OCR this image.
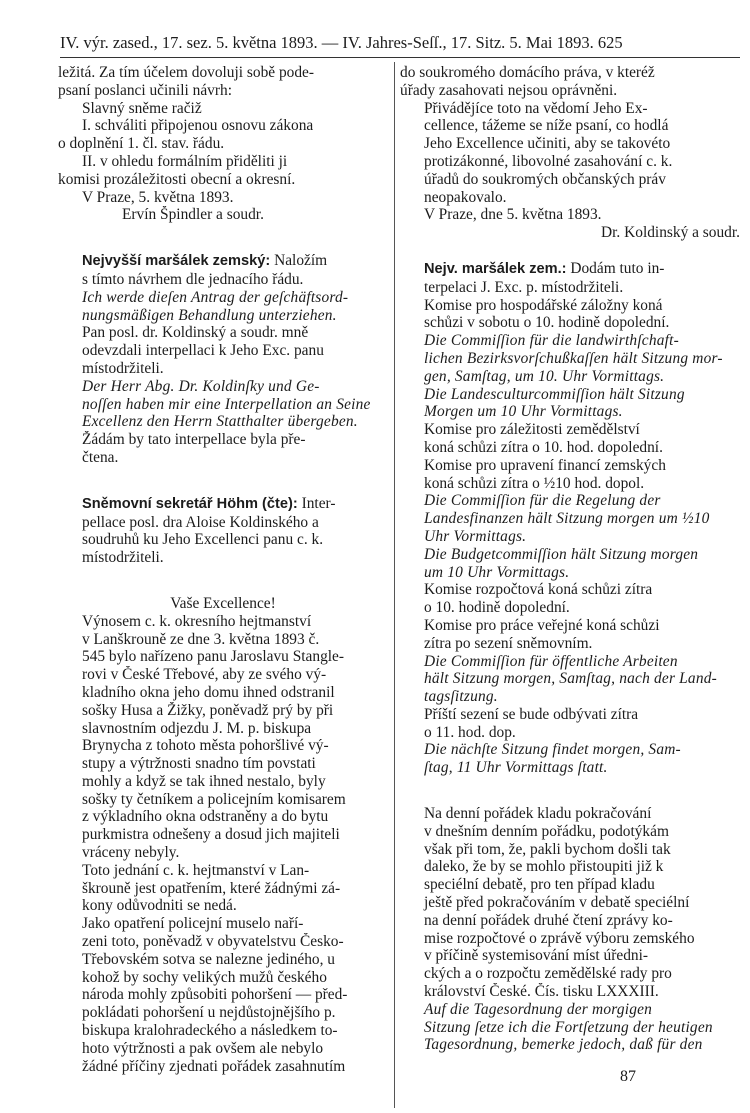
IV. výr. zased., 17. sez. 5. května 1893. — IV. Jahres-Seſſ., 17. Sitz. 5. Mai 1893. 625

ležitá. Za tím účelem dovoluji sobě pode-
psaní poslanci učinili návrh:

Slavný sněme račiž

I. schváliti připojenou osnovu zákona
o doplnění 1. čl. stav. řádu.

II. v ohledu formálním přiděliti ji
komisi prozáležitosti obecní a okresní.

V Praze, 5. května 1893.

Ervín Špindler a soudr.

Nejvyšší maršálek zemský: Naložím
s tímto návrhem dle jednacího řádu.

Ich werde dieſen Antrag der geſchäftsord-
nungsmäßigen Behandlung unterziehen.

Pan posl. dr. Koldinský a soudr. mně
odevzdali interpellaci k Jeho Exc. panu
místodržiteli.

Der Herr Abg. Dr. Koldinſky und Ge-
noſſen haben mir eine Interpellation an Seine
Excellenz den Herrn Statthalter übergeben.

Žádám by tato interpellace byla pře-
čtena.

Sněmovní sekretář Höhm (čte): Inter-
pellace posl. dra Aloise Koldinského a
soudruhů ku Jeho Excellenci panu c. k.
místodržiteli.

Vaše Excellence!

Výnosem c. k. okresního hejtmanství
v Lanškrouně ze dne 3. května 1893 č.
545 bylo nařízeno panu Jaroslavu Stangle-
rovi v České Třebové, aby ze svého vý-
kladního okna jeho domu ihned odstranil
sošky Husa a Žižky, poněvadž prý by při
slavnostním odjezdu J. M. p. biskupa
Brynycha z tohoto města pohoršlivé vý-
stupy a výtržnosti snadno tím povstati
mohly a když se tak ihned nestalo, byly
sošky ty četníkem a policejním komisarem
z výkladního okna odstraněny a do bytu
purkmistra odnešeny a dosud jich majiteli
vráceny nebyly.

Toto jednání c. k. hejtmanství v Lan-
škrouně jest opatřením, které žádnými zá-
kony odůvodniti se nedá.

Jako opatření policejní muselo naří-
zeni toto, poněvadž v obyvatelstvu Česko-
Třebovském sotva se nalezne jediného, u
kohož by sochy velikých mužů českého
národa mohly způsobiti pohoršení — před-
pokládati pohoršení u nejdůstojnějšího p.
biskupa kralohradeckého a následkem to-
hoto výtržnosti a pak ovšem ale nebylo
žádné příčiny zjednati pořádek zasahnutím

do soukromého domácího práva, v kteréž
úřady zasahovati nejsou oprávněni.

Přivádějíce toto na vědomí Jeho Ex-
cellence, tážeme se níže psaní, co hodlá
Jeho Excellence učiniti, aby se takovéto
protizákonné, libovolné zasahování c. k.
úřadů do soukromých občanských práv
neopakovalo.

V Praze, dne 5. května 1893.

Dr. Koldinský a soudr.

Nejv. maršálek zem.: Dodám tuto in-
terpelaci J. Exc. p. místodržiteli.

Komise pro hospodářské záložny koná
schůzi v sobotu o 10. hodině dopolední.

Die Commiſſion für die landwirthſchaft-
lichen Bezirksvorſchußkaſſen hält Sitzung mor-
gen, Samſtag, um 10. Uhr Vormittags.

Die Landesculturcommiſſion hält Sitzung
Morgen um 10 Uhr Vormittags.

Komise pro záležitosti zemědělství
koná schůzi zítra o 10. hod. dopolední.

Komise pro upravení financí zemských
koná schůzi zítra o ½10 hod. dopol.

Die Commiſſion für die Regelung der
Landesfinanzen hält Sitzung morgen um ½10
Uhr Vormittags.

Die Budgetcommiſſion hält Sitzung morgen
um 10 Uhr Vormittags.

Komise rozpočtová koná schůzi zítra
o 10. hodině dopolední.

Komise pro práce veřejné koná schůzi
zítra po sezení sněmovním.

Die Commiſſion für öffentliche Arbeiten
hält Sitzung morgen, Samſtag, nach der Land-
tagsſitzung.

Příští sezení se bude odbývati zítra
o 11. hod. dop.

Die nächſte Sitzung findet morgen, Sam-
ſtag, 11 Uhr Vormittags ſtatt.

Na denní pořádek kladu pokračování
v dnešním denním pořádku, podotýkám
však při tom, že, pakli bychom došli tak
daleko, že by se mohlo přistoupiti již k
speciélní debatě, pro ten případ kladu
ještě před pokračováním v debatě speciélní
na denní pořádek druhé čtení zprávy ko-
mise rozpočtové o zprávě výboru zemského
v příčině systemisování míst úředni-
ckých a o rozpočtu zemědělské rady pro
království České. Čís. tisku LXXXIII.

Auf die Tagesordnung der morgigen
Sitzung ſetze ich die Fortſetzung der heutigen
Tagesordnung, bemerke jedoch, daß für den

87
